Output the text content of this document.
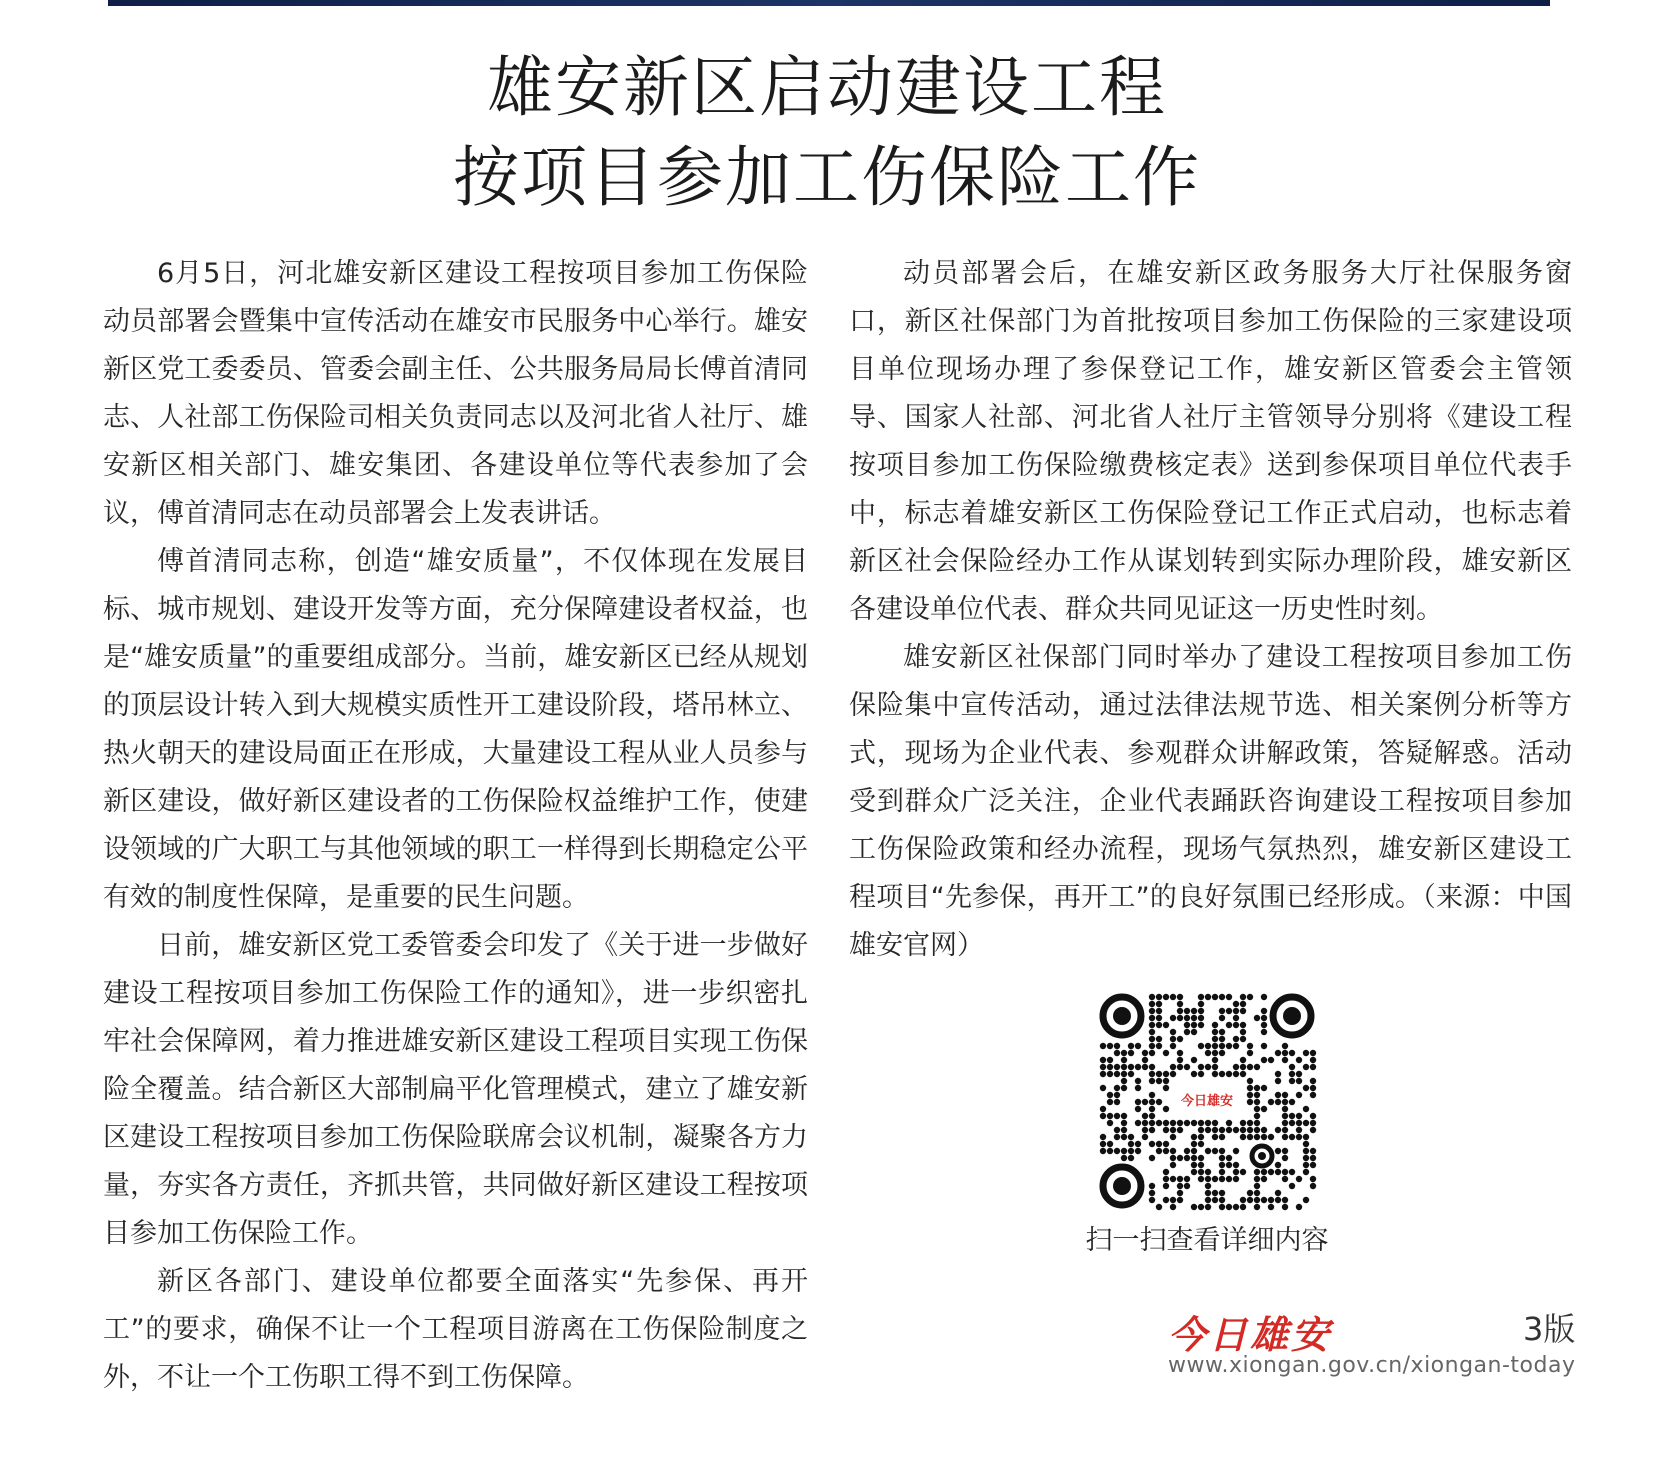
雄安新区启动建设工程
按项目参加工伤保险工作

6月5日，河北雄安新区建设工程按项目参加工伤保险动员部署会暨集中宣传活动在雄安市民服务中心举行。雄安新区党工委委员、管委会副主任、公共服务局局长傅首清同志、人社部工伤保险司相关负责同志以及河北省人社厅、雄安新区相关部门、雄安集团、各建设单位等代表参加了会议，傅首清同志在动员部署会上发表讲话。

傅首清同志称，创造“雄安质量”，不仅体现在发展目标、城市规划、建设开发等方面，充分保障建设者权益，也是“雄安质量”的重要组成部分。当前，雄安新区已经从规划的顶层设计转入到大规模实质性开工建设阶段，塔吊林立、热火朝天的建设局面正在形成，大量建设工程从业人员参与新区建设，做好新区建设者的工伤保险权益维护工作，使建设领域的广大职工与其他领域的职工一样得到长期稳定公平有效的制度性保障，是重要的民生问题。

日前，雄安新区党工委管委会印发了《关于进一步做好建设工程按项目参加工伤保险工作的通知》，进一步织密扎牢社会保障网，着力推进雄安新区建设工程项目实现工伤保险全覆盖。结合新区大部制扁平化管理模式，建立了雄安新区建设工程按项目参加工伤保险联席会议机制，凝聚各方力量，夯实各方责任，齐抓共管，共同做好新区建设工程按项目参加工伤保险工作。

新区各部门、建设单位都要全面落实“先参保、再开工”的要求，确保不让一个工程项目游离在工伤保险制度之外，不让一个工伤职工得不到工伤保障。

动员部署会后，在雄安新区政务服务大厅社保服务窗口，新区社保部门为首批按项目参加工伤保险的三家建设项目单位现场办理了参保登记工作，雄安新区管委会主管领导、国家人社部、河北省人社厅主管领导分别将《建设工程按项目参加工伤保险缴费核定表》送到参保项目单位代表手中，标志着雄安新区工伤保险登记工作正式启动，也标志着新区社会保险经办工作从谋划转到实际办理阶段，雄安新区各建设单位代表、群众共同见证这一历史性时刻。

雄安新区社保部门同时举办了建设工程按项目参加工伤保险集中宣传活动，通过法律法规节选、相关案例分析等方式，现场为企业代表、参观群众讲解政策，答疑解惑。活动受到群众广泛关注，企业代表踊跃咨询建设工程按项目参加工伤保险政策和经办流程，现场气氛热烈，雄安新区建设工程项目“先参保，再开工”的良好氛围已经形成。（来源：中国雄安官网）

今日雄安
扫一扫查看详细内容
今日雄安	3版
www.xiongan.gov.cn/xiongan-today
